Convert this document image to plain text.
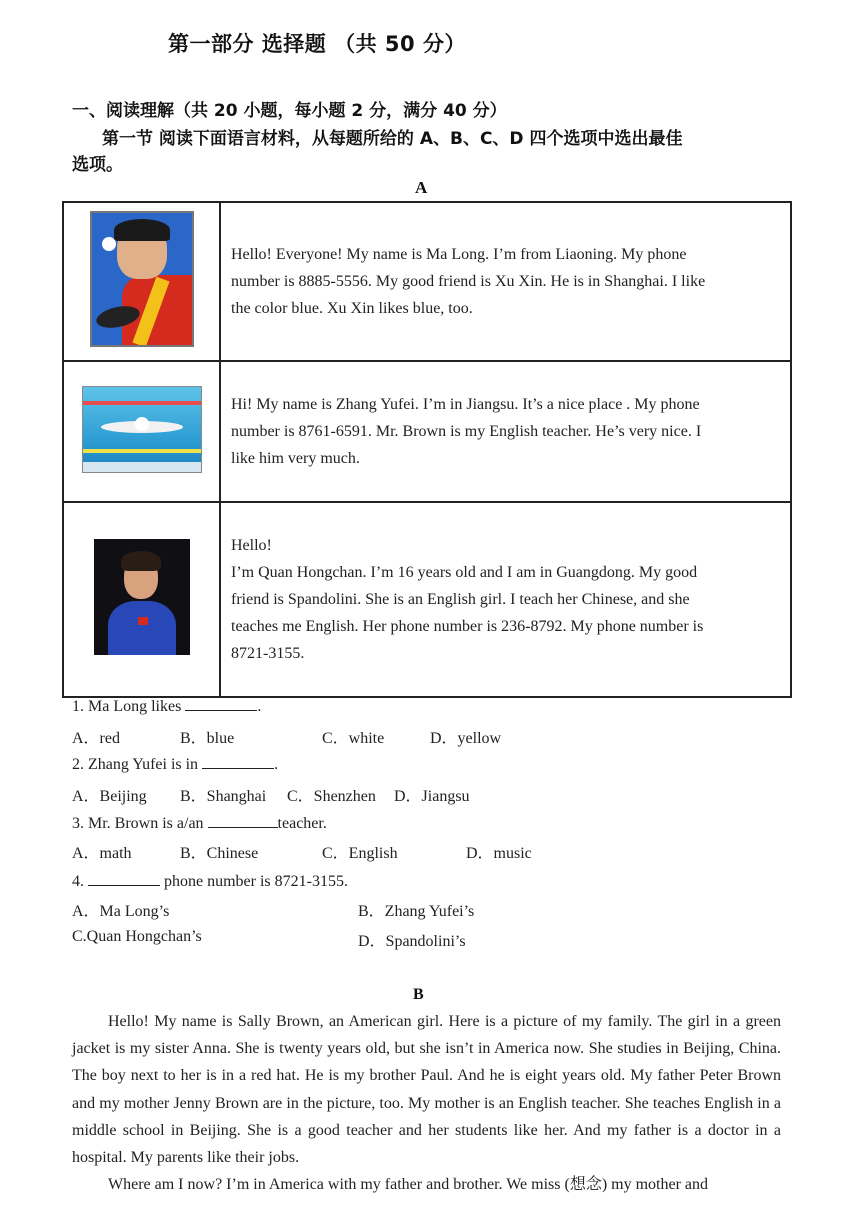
第一部分 选择题 （共 50 分）
一、阅读理解（共 20 小题，每小题 2 分，满分 40 分）
第一节 阅读下面语言材料，从每题所给的 A、B、C、D 四个选项中选出最佳
选项。
A

	Hello! Everyone! My name is Ma Long. I’m from Liaoning. My phone
number is 8885-5556. My good friend is Xu Xin. He is in Shanghai. I like
the color blue. Xu Xin likes blue, too.

	Hi! My name is Zhang Yufei. I’m in Jiangsu. It’s a nice place . My phone
number is 8761-6591. Mr. Brown is my English teacher. He’s very nice. I
like him very much.

	Hello!
I’m Quan Hongchan. I’m 16 years old and I am in Guangdong. My good
friend is Spandolini. She is an English girl. I teach her Chinese, and she
teaches me English. Her phone number is 236-8792. My phone number is
8721-3155.
1. Ma Long likes	.
A．red	B．blue	C．white	D．yellow
2. Zhang Yufei is in	.
A．Beijing B．Shanghai C．Shenzhen D．Jiangsu
3. Mr. Brown is a/an	teacher.
A．math	B．Chinese	C．English	D．music
4.	phone number is 8721-3155.
A．Ma Long’s	B．Zhang Yufei’s
C.Quan Hongchan’s	D．Spandolini’s
B

Hello! My name is Sally Brown, an American girl. Here is a picture of my family. The girl in a green jacket is my sister Anna. She is twenty years old, but she isn’t in America now. She studies in Beijing, China. The boy next to her is in a red hat. He is my brother Paul. And he is eight years old. My father Peter Brown and my mother Jenny Brown are in the picture, too. My mother is an English teacher. She teaches English in a middle school in Beijing. She is a good teacher and her students like her. And my father is a doctor in a hospital. My parents like their jobs.

Where am I now? I’m in America with my father and brother. We miss (想念) my mother and
